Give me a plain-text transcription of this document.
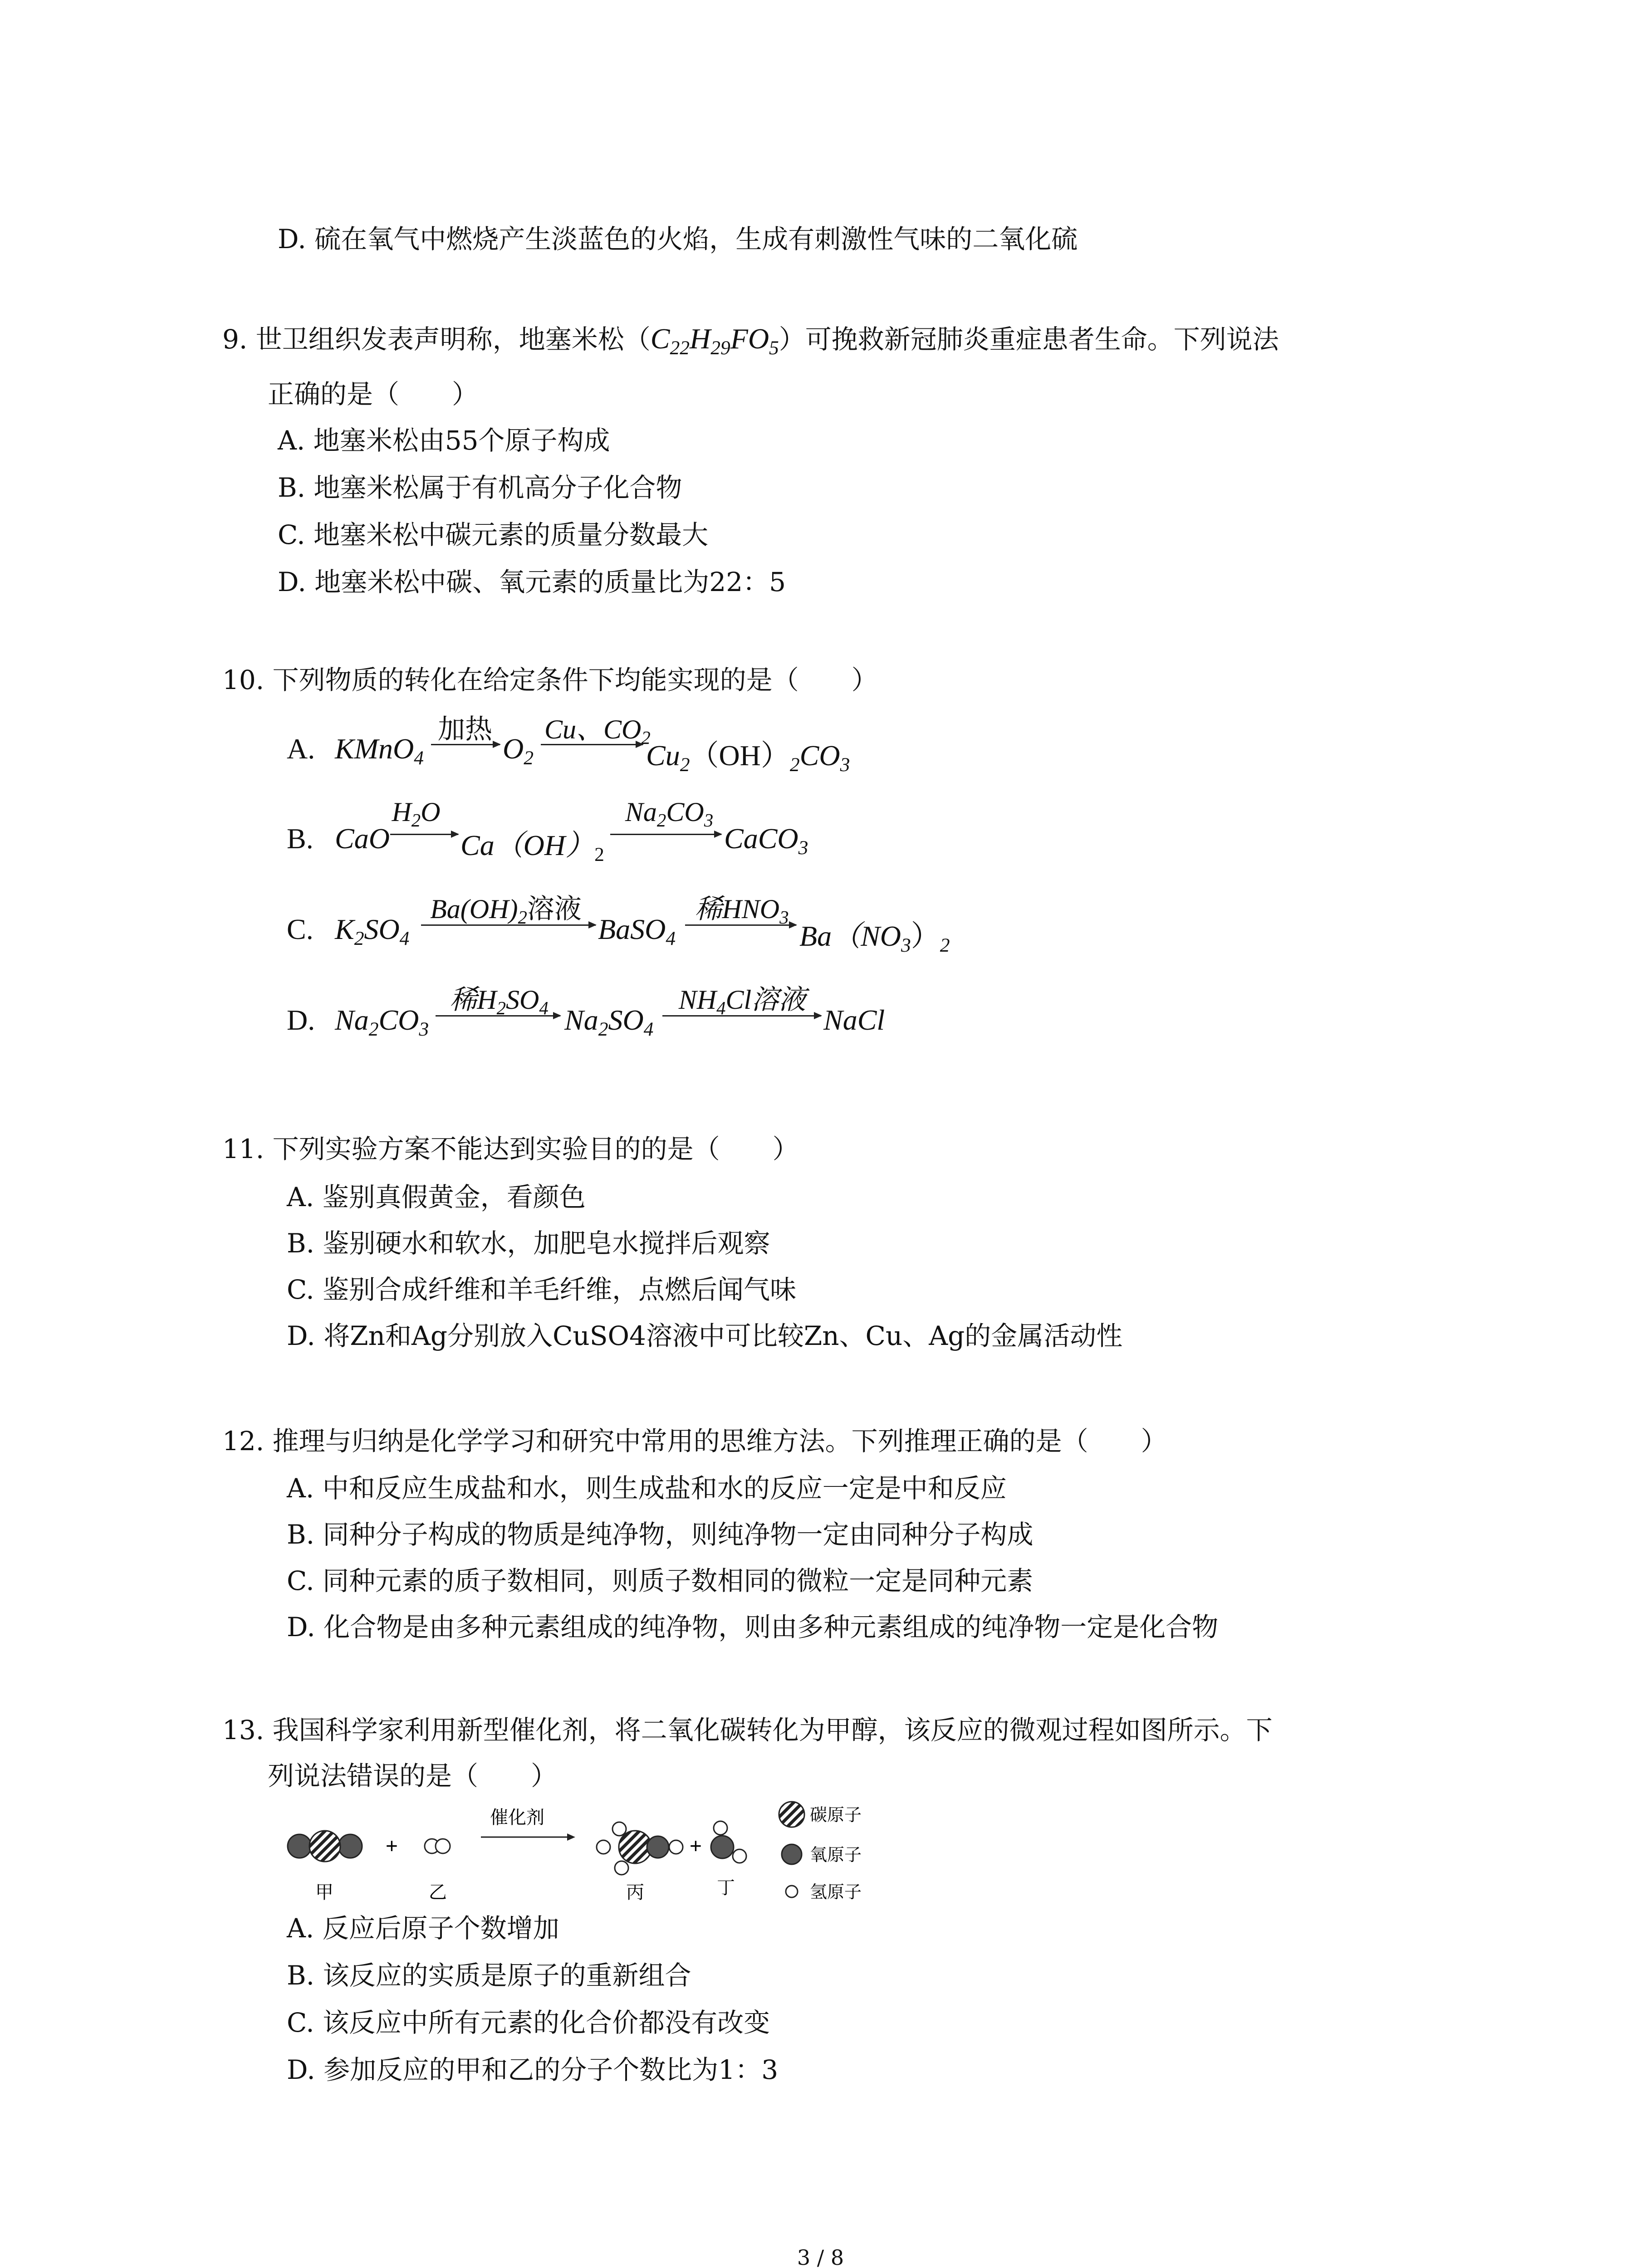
D. 硫在氧气中燃烧产生淡蓝色的火焰，生成有刺激性气味的二氧化硫
9. 世卫组织发表声明称，地塞米松$(C_{22}H_{29}FO_5)$可挽救新冠肺炎重症患者生命。下列说法
正确的是（　　）
A. 地塞米松由55个原子构成
B. 地塞米松属于有机高分子化合物
C. 地塞米松中碳元素的质量分数最大
D. 地塞米松中碳、氧元素的质量比为22：5
10. 下列物质的转化在给定条件下均能实现的是（　　）
A. KMnO$_4$
加热
$O_2$
Cu、$CO_2$
$Cu_2(OH)_2CO_3$
B. CaO
$H_2O$
$Ca(OH)_2$
$Na_2CO_3$
CaCO$_3$
C. $K_2SO_4$
$Ba(OH)_2$溶液
BaSO$_4$
稀$HNO_3$
$Ba(NO_3)_2$
D. $Na_2CO_3$
稀$H_2SO_4$ $Na_2SO_4$
$NH_4Cl$溶液
NaCl
11. 下列实验方案不能达到实验目的的是（　　）
A. 鉴别真假黄金，看颜色
B. 鉴别硬水和软水，加肥皂水搅拌后观察
C. 鉴别合成纤维和羊毛纤维，点燃后闻气味
D. 将Zn和Ag分别放入CuSO4溶液中可比较Zn、Cu、Ag的金属活动性
12. 推理与归纳是化学学习和研究中常用的思维方法。下列推理正确的是（　　）
A. 中和反应生成盐和水，则生成盐和水的反应一定是中和反应
B. 同种分子构成的物质是纯净物，则纯净物一定由同种分子构成
C. 同种元素的质子数相同，则质子数相同的微粒一定是同种元素
D. 化合物是由多种元素组成的纯净物，则由多种元素组成的纯净物一定是化合物
13. 我国科学家利用新型催化剂，将二氧化碳转化为甲醇，该反应的微观过程如图所示。下
列说法错误的是（　　）
+
催化剂
+
甲	乙	丙	丁
碳原子
氧原子
氢原子
A. 反应后原子个数增加
B. 该反应的实质是原子的重新组合
C. 该反应中所有元素的化合价都没有改变
D. 参加反应的甲和乙的分子个数比为1：3
3 / 8
